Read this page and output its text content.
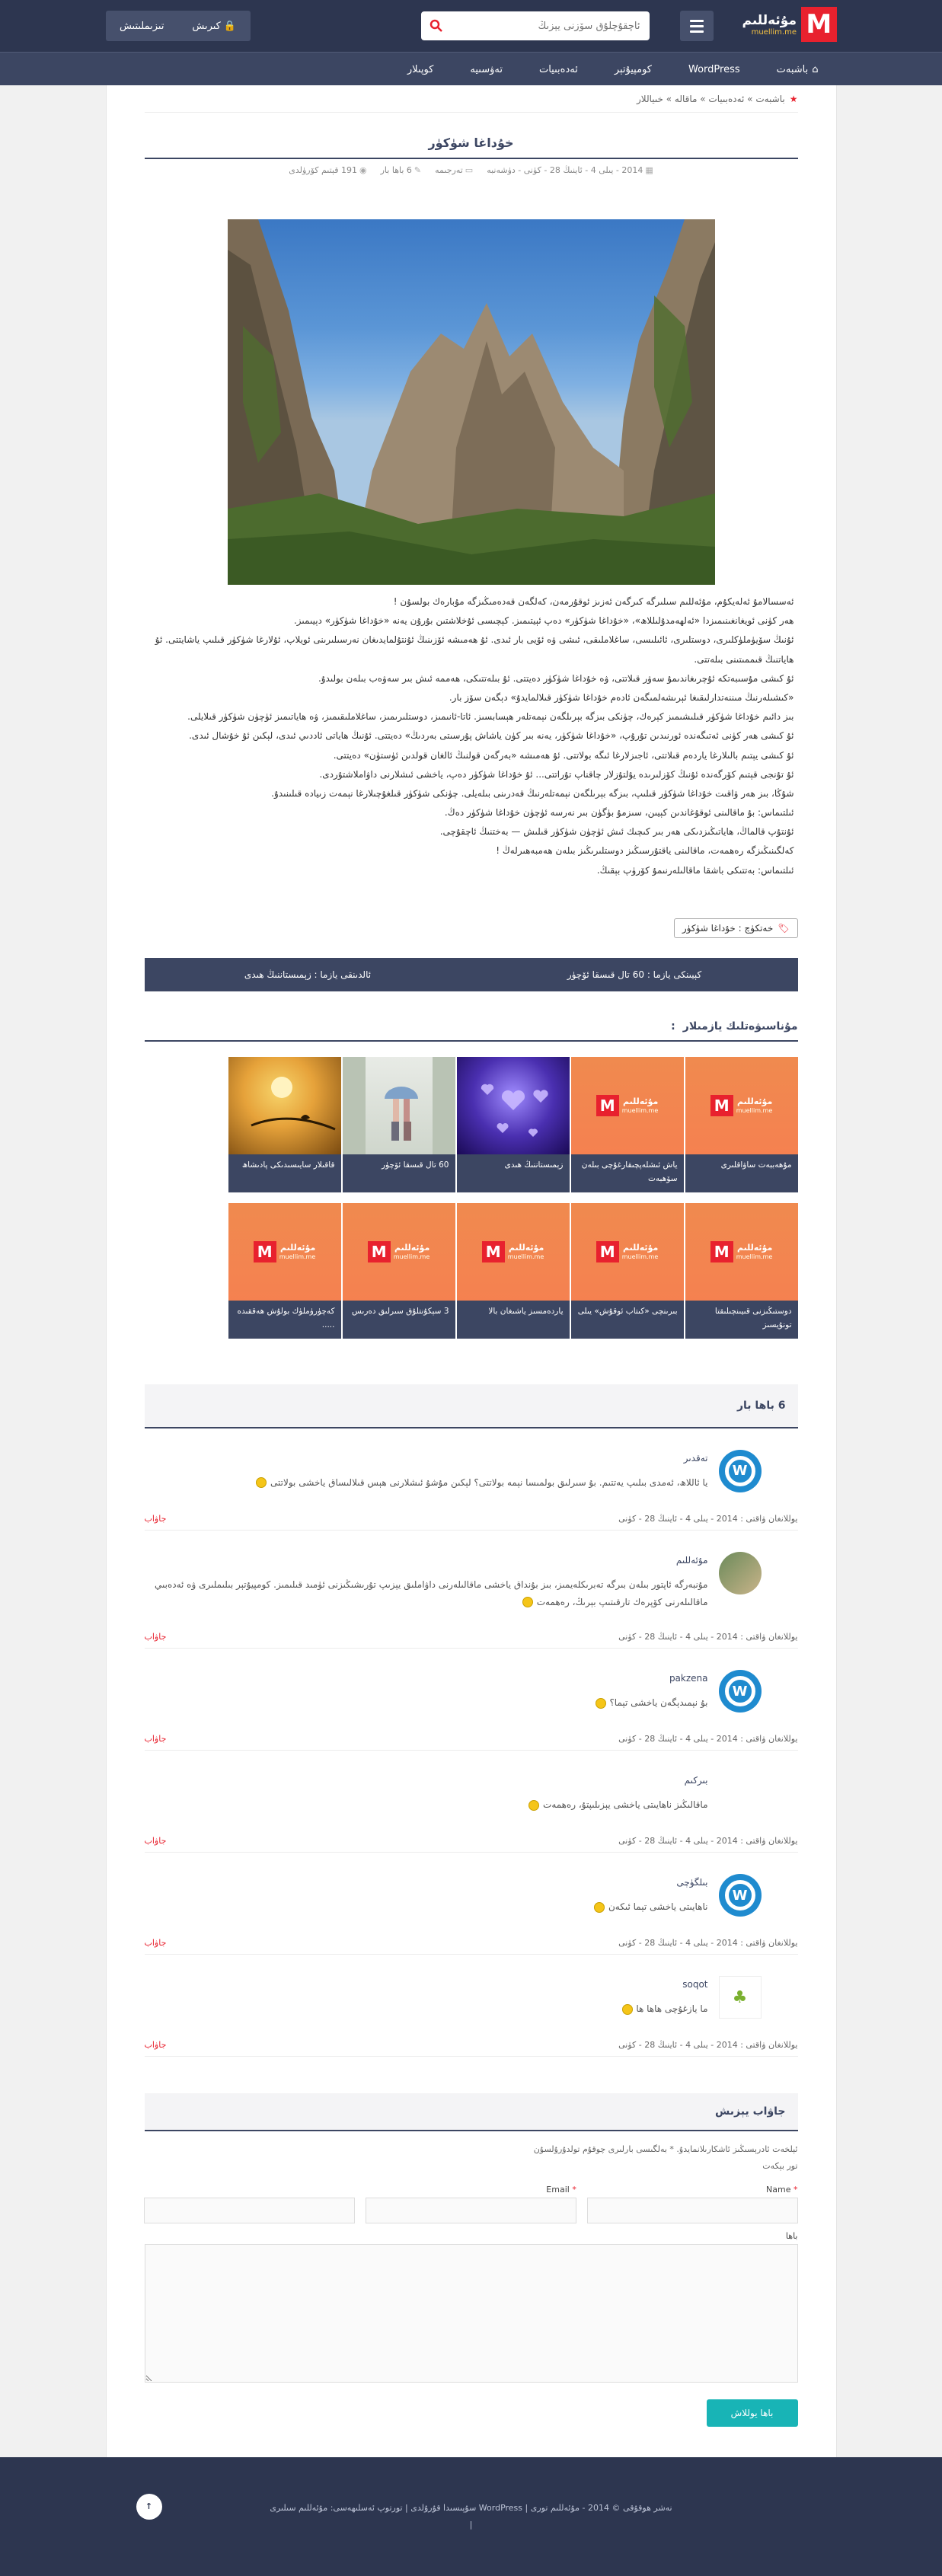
M
مۇئەللىم
muellim.me
ئاچقۇچلۇق سۆزنى يېزىڭ
🔒كىرىش
تىزىملىتىش
⌂
باشبەت
WordPress
كومپيۇتېر
ئەدەبىيات
تەۋسىيە
كوپىلار
★
باشبەت » ئەدەبىيات » ماقالە » خىياللار
خۇداغا شۈكۈر
▦2014 - يىلى 4 - ئاينىڭ 28 - كۈنى - دۈشەنبە
▭تەرجىمە
✎6 باھا بار
◉191 قېتىم كۆرۈلدى

ئەسسالامۇ ئەلەيكۇم، مۇئەللىم سىلىرگە كىرگەن ئەزىز ئوقۇرمەن، كەلگەن قەدەمىڭىزگە مۇبارەك بولسۇن !

ھەر كۈنى ئويغانغىنىمىزدا «ئەلھەمدۇلىللاھ»، «خۇداغا شۈكۈر» دەپ ئېيتىمىز. كېچىسى ئۇخلاشتىن بۇرۇن يەنە «خۇداغا شۈكۈر» دېيىمىز.

ئۇنىڭ سۆيۈملۈكلىرى، دوستلىرى، ئائىلىسى، ساغلاملىقى، ئىشى ۋە ئۆيى بار ئىدى. ئۇ ھەمىشە ئۆزىنىڭ ئۇنتۇلمايدىغان نەرسىلىرىنى ئويلاپ، ئۇلارغا شۈكۈر قىلىپ ياشايتتى. ئۇ ھاياتنىڭ قىممىتىنى بىلەتتى.

ئۇ كىشى مۇسىبەتكە ئۇچرىغاندىمۇ سەۋر قىلاتتى، ۋە خۇداغا شۈكۈر دەيتتى. ئۇ بىلەتتىكى، ھەممە ئىش بىر سەۋەب بىلەن بولىدۇ.

«كىشىلەرنىڭ مىننەتدارلىقىغا ئېرىشەلمىگەن ئادەم خۇداغا شۈكۈر قىلالمايدۇ» دېگەن سۆز بار.

بىز دائىم خۇداغا شۈكۈر قىلىشىمىز كېرەك، چۈنكى بىزگە بېرىلگەن نېمەتلەر ھېسابسىز. ئاتا-ئانىمىز، دوستلىرىمىز، ساغلاملىقىمىز، ۋە ھاياتىمىز ئۈچۈن شۈكۈر قىلايلى.

ئۇ كىشى ھەر كۈنى ئەتىگەندە ئورنىدىن تۇرۇپ، «خۇداغا شۈكۈر، يەنە بىر كۈن ياشاش پۇرسىتى بەردىڭ» دەيتتى. ئۇنىڭ ھاياتى ئاددىي ئىدى، لېكىن ئۇ خۇشال ئىدى.

ئۇ كىشى يېتىم بالىلارغا ياردەم قىلاتتى، ئاجىزلارغا ئىگە بولاتتى. ئۇ ھەمىشە «بەرگەن قولنىڭ ئالغان قولدىن ئۈستۈن» دەيتتى.

ئۇ تۇنجى قېتىم كۆرگەندە ئۇنىڭ كۆزلىرىدە يۇلتۇزلار چاقناپ تۇراتتى... ئۇ خۇداغا شۈكۈر دەپ، ياخشى ئىشلارنى داۋاملاشتۇردى.

شۇڭا، بىز ھەر ۋاقىت خۇداغا شۈكۈر قىلىپ، بىزگە بېرىلگەن نېمەتلەرنىڭ قەدرىنى بىلەيلى. چۈنكى شۈكۈر قىلغۇچىلارغا نېمەت زىيادە قىلىنىدۇ.

ئىلتىماس: بۇ ماقالىنى ئوقۇغاندىن كېيىن، سىزمۇ بۈگۈن بىر نەرسە ئۈچۈن خۇداغا شۈكۈر دەڭ.

ئۇنتۇپ قالماڭ، ھاياتىڭىزدىكى ھەر بىر كىچىك ئىش ئۈچۈن شۈكۈر قىلىش — بەختنىڭ ئاچقۇچى.

كەلگىنىڭىزگە رەھمەت، ماقالىنى ياقتۇرسىڭىز دوستلىرىڭىز بىلەن ھەمبەھىرلەڭ !

ئىلتىماس: بەتتىكى باشقا ماقالىلەرنىمۇ كۆرۈپ بېقىڭ.

🏷
خەتكۈچ : خۇداغا شۈكۈر
كېيىنكى يازما : 60 تال قىسقا ئۆچۈر
ئالدىنقى يازما : زېمىستاننىڭ ھىدى
مۇناسىۋەتلىك يازمىلار
:
مۇئەللىم
muellim.me
M
مۇھەببەت ساۋاقلىرى
مۇئەللىم
muellim.me
M
ياش ئىشلەپچىقارغۇچى بىلەن سۆھبەت
زېمىستاننىڭ ھىدى
60 تال قىسقا ئۆچۈر
قاقىلار سايىسىدىكى پادىشاھ
مۇئەللىم
muellim.me
M
دوستىڭىزنى قىيىنچىلىقتا تونۇيسىز
مۇئەللىم
muellim.me
M
بىرىنچى «كىتاب ئوقۇش» يىلى
مۇئەللىم
muellim.me
M
ياردەمسىز ياشىغان بالا
مۇئەللىم
muellim.me
M
3 سېكۇنتلۇق سىرلىق دەرىس
مۇئەللىم
muellim.me
M
كەچۈرۈملۈك بولۇش ھەققىدە .....
6 باھا بار
W
تەقدىر
يا ئاللاھ، ئەمدى بىلىپ يەتتىم. بۇ سىرلىق بولمىسا نېمە بولاتتى؟ لېكىن مۇشۇ ئىشلارنى ھېس قىلالىساق ياخشى بولاتتى
يوللانغان ۋاقتى : 2014 - يىلى 4 - ئاينىڭ 28 - كۈنى
جاۋاب
مۇئەللىم
مۇنبەرگە ئاپتور بىلەن بىرگە تەبرىكلەيمىز، بىز بۇنداق ياخشى ماقالىلەرنى داۋاملىق يېزىپ تۇرىشىڭىزنى ئۈمىد قىلىمىز. كومپيۇتېر بىلىملىرى ۋە ئەدەبىي ماقالىلەرنى كۆپرەك تارقىتىپ بېرىڭ، رەھمەت
يوللانغان ۋاقتى : 2014 - يىلى 4 - ئاينىڭ 28 - كۈنى
جاۋاب
W
pakzena
بۇ نېمىدېگەن ياخشى تېما؟
يوللانغان ۋاقتى : 2014 - يىلى 4 - ئاينىڭ 28 - كۈنى
جاۋاب
بىركىم
ماقالىڭىز ناھايىتى ياخشى يېزىلىپتۇ، رەھمەت
يوللانغان ۋاقتى : 2014 - يىلى 4 - ئاينىڭ 28 - كۈنى
جاۋاب
W
بىلگۈچى
ناھايىتى ياخشى تېما ئىكەن
يوللانغان ۋاقتى : 2014 - يىلى 4 - ئاينىڭ 28 - كۈنى
جاۋاب
♣
soqot
ما يازغۇچى ھاھا ھا
يوللانغان ۋاقتى : 2014 - يىلى 4 - ئاينىڭ 28 - كۈنى
جاۋاب
جاۋاب يېزىش
ئېلخەت ئادرېسىڭىز ئاشكارىلانمايدۇ. * بەلگىسى بارلىرى چوقۇم تولدۇرۇلسۇن
تور بېكەت
* Name
* Email

باھا
باھا يوللاش
↑	نەشر ھوقۇقى © 2014 - مۇئەللىم تورى | WordPress سۇپىسىدا قۇرۇلدى | تورتوپ ئەسلىھەسى: مۇئەللىم سىلىرى
|
